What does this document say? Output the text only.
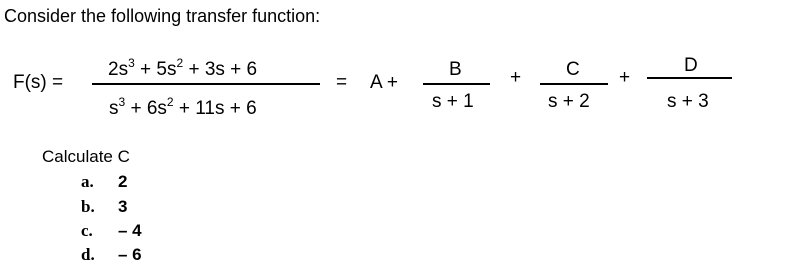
Consider the following transfer function:
F(s) =
$2s^3 + 5s^2 + 3s + 6$
$s^3 + 6s^2 + 11s + 6$
= A +
B
s + 1
+ C
s + 2
+
D
s + 3
Calculate C
a. 2
b. 3
c. – 4
d. – 6
